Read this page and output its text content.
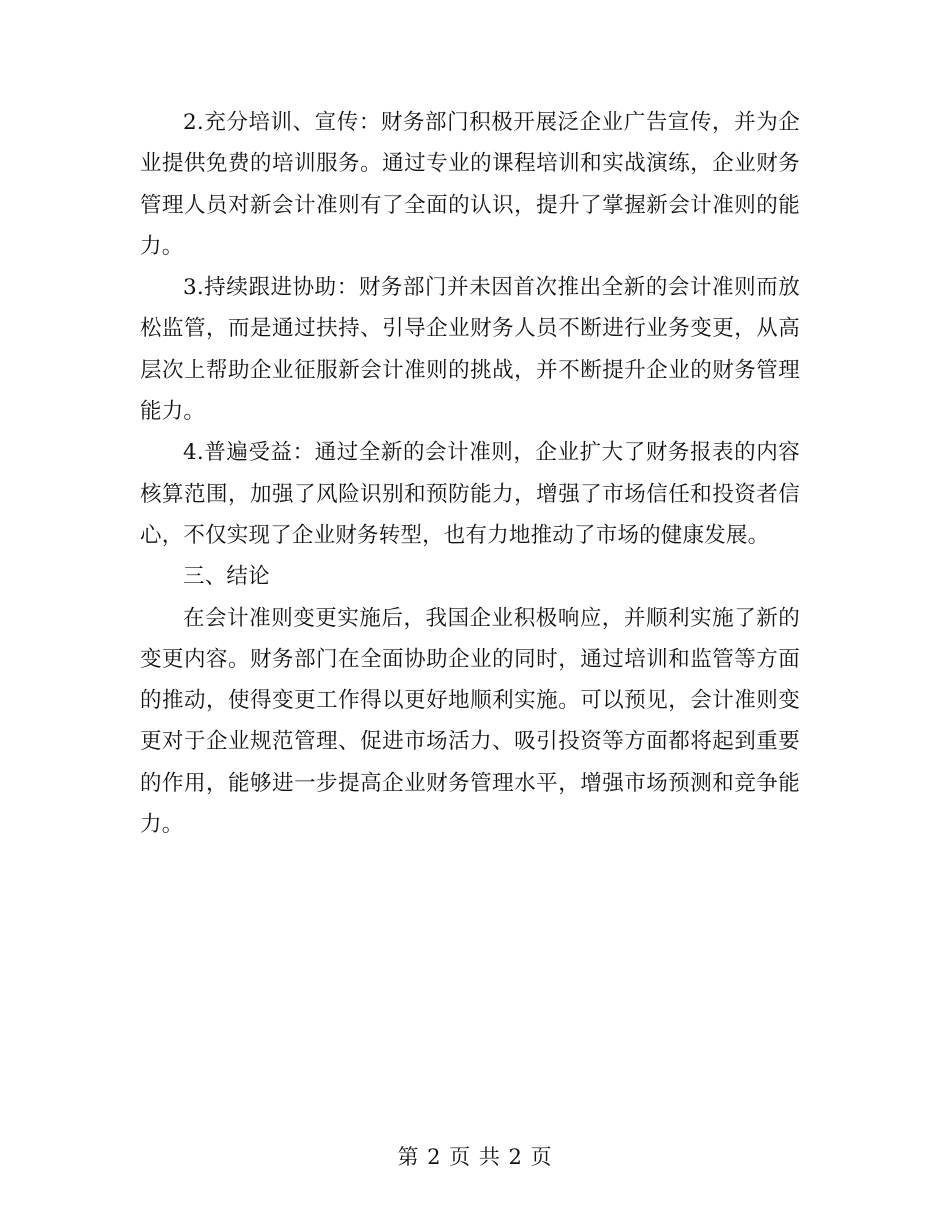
2.充分培训、宣传：财务部门积极开展泛企业广告宣传，并为企业提供免费的培训服务。通过专业的课程培训和实战演练，企业财务管理人员对新会计准则有了全面的认识，提升了掌握新会计准则的能力。

3.持续跟进协助：财务部门并未因首次推出全新的会计准则而放松监管，而是通过扶持、引导企业财务人员不断进行业务变更，从高层次上帮助企业征服新会计准则的挑战，并不断提升企业的财务管理能力。

4.普遍受益：通过全新的会计准则，企业扩大了财务报表的内容核算范围，加强了风险识别和预防能力，增强了市场信任和投资者信心，不仅实现了企业财务转型，也有力地推动了市场的健康发展。

三、结论

在会计准则变更实施后，我国企业积极响应，并顺利实施了新的变更内容。财务部门在全面协助企业的同时，通过培训和监管等方面的推动，使得变更工作得以更好地顺利实施。可以预见，会计准则变更对于企业规范管理、促进市场活力、吸引投资等方面都将起到重要的作用，能够进一步提高企业财务管理水平，增强市场预测和竞争能力。

第 2 页 共 2 页
